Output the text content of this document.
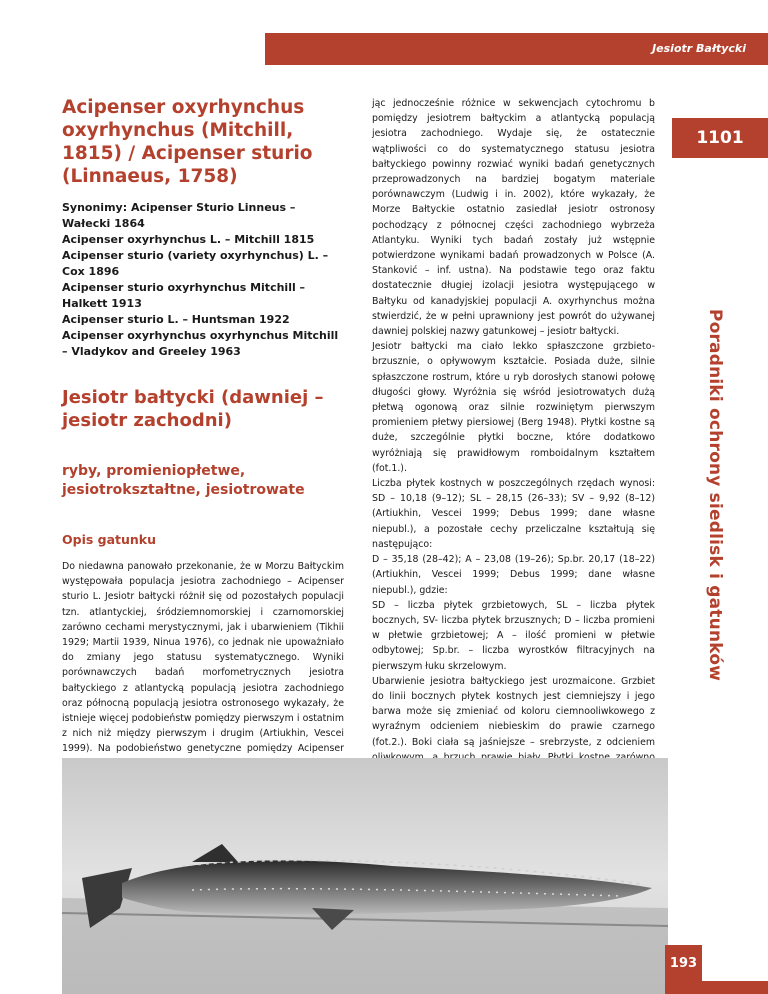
Jesiotr Bałtycki
Acipenser oxyrhynchus oxyrhynchus (Mitchill, 1815) / Acipenser sturio (Linnaeus, 1758)
Synonimy: Acipenser Sturio Linneus – Wałecki 1864
Acipenser oxyrhynchus L. – Mitchill 1815
Acipenser sturio (variety oxyrhynchus) L. – Cox 1896
Acipenser sturio oxyrhynchus Mitchill – Halkett 1913
Acipenser sturio L. – Huntsman 1922
Acipenser oxyrhynchus oxyrhynchus Mitchill – Vladykov and Greeley 1963
Jesiotr bałtycki (dawniej – jesiotr zachodni)
ryby, promieniopłetwe, jesiotrokształtne, jesiotrowate
Opis gatunku

Do niedawna panowało przekonanie, że w Morzu Bałtyckim występowała populacja jesiotra zachodniego – Acipenser sturio L. Jesiotr bałtycki różnił się od pozostałych populacji tzn. atlantyckiej, śródziemnomorskiej i czarnomorskiej zarówno cechami merystycznymi, jak i ubarwieniem (Tikhii 1929; Martii 1939, Ninua 1976), co jednak nie upoważniało do zmiany jego statusu systematycznego. Wyniki porównawczych badań morfometrycznych jesiotra bałtyckiego z atlantycką populacją jesiotra zachodniego oraz północną populacją jesiotra ostronosego wykazały, że istnieje więcej podobieństw pomiędzy pierwszym i ostatnim z nich niż między pierwszym i drugim (Artiukhin, Vescei 1999). Na podobieństwo genetyczne pomiędzy Acipenser

jąc jednocześnie różnice w sekwencjach cytochromu b pomiędzy jesiotrem bałtyckim a atlantycką populacją jesiotra zachodniego. Wydaje się, że ostatecznie wątpliwości co do systematycznego statusu jesiotra bałtyckiego powinny rozwiać wyniki badań genetycznych przeprowadzonych na bardziej bogatym materiale porównawczym (Ludwig i in. 2002), które wykazały, że Morze Bałtyckie ostatnio zasiedlał jesiotr ostronosy pochodzący z północnej części zachodniego wybrzeża Atlantyku. Wyniki tych badań zostały już wstępnie potwierdzone wynikami badań prowadzonych w Polsce (A. Stanković – inf. ustna). Na podstawie tego oraz faktu dostatecznie długiej izolacji jesiotra występującego w Bałtyku od kanadyjskiej populacji A. oxyrhynchus można stwierdzić, że w pełni uprawniony jest powrót do używanej dawniej polskiej nazwy gatunkowej – jesiotr bałtycki.

Jesiotr bałtycki ma ciało lekko spłaszczone grzbieto-brzusznie, o opływowym kształcie. Posiada duże, silnie spłaszczone rostrum, które u ryb dorosłych stanowi połowę długości głowy. Wyróżnia się wśród jesiotrowatych dużą płetwą ogonową oraz silnie rozwiniętym pierwszym promieniem płetwy piersiowej (Berg 1948). Płytki kostne są duże, szczególnie płytki boczne, które dodatkowo wyróżniają się prawidłowym romboidalnym kształtem (fot.1.).

Liczba płytek kostnych w poszczególnych rzędach wynosi: SD – 10,18 (9–12); SL – 28,15 (26–33); SV – 9,92 (8–12) (Artiukhin, Vescei 1999; Debus 1999; dane własne niepubl.), a pozostałe cechy przeliczalne kształtują się następująco:

D – 35,18 (28–42); A – 23,08 (19–26); Sp.br. 20,17 (18–22) (Artiukhin, Vescei 1999; Debus 1999; dane własne niepubl.), gdzie:

SD – liczba płytek grzbietowych, SL – liczba płytek bocznych, SV- liczba płytek brzusznych; D – liczba promieni w płetwie grzbietowej; A – ilość promieni w płetwie odbytowej; Sp.br. – liczba wyrostków filtracyjnych na pierwszym łuku skrzelowym.

Ubarwienie jesiotra bałtyckiego jest urozmaicone. Grzbiet do linii bocznych płytek kostnych jest ciemniejszy i jego barwa może się zmieniać od koloru ciemnooliwkowego z wyraźnym odcieniem niebieskim do prawie czarnego (fot.2.). Boki ciała są jaśniejsze – srebrzyste, z odcieniem

1101
Poradniki ochrony siedlisk i gatunków
193
